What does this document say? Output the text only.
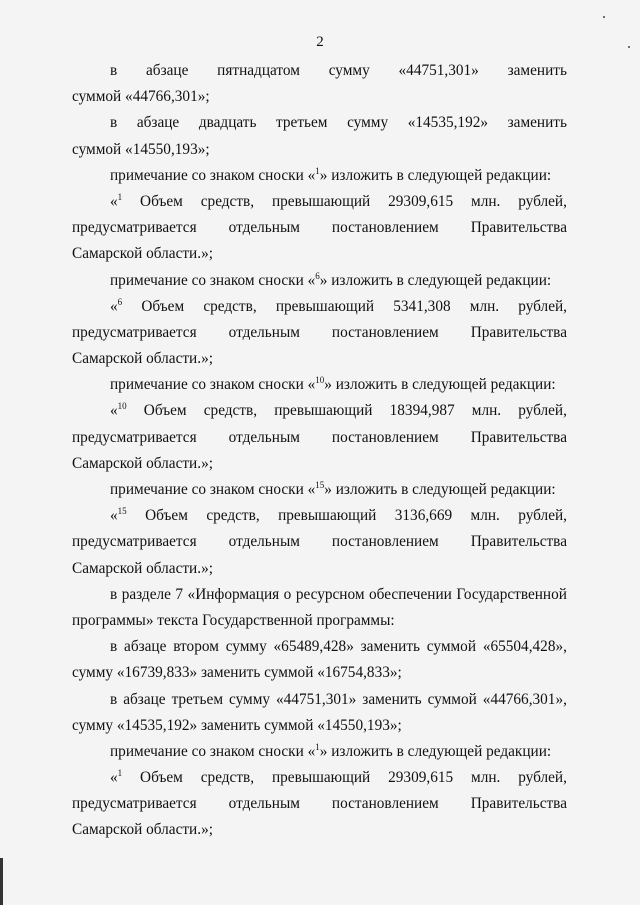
2
в абзаце пятнадцатом сумму «44751,301» заменить
суммой «44766,301»;
в абзаце двадцать третьем сумму «14535,192» заменить
суммой «14550,193»;
примечание со знаком сноски «$^1$» изложить в следующей редакции:
«$^1$ Объем средств, превышающий 29309,615 млн. рублей,
предусматривается отдельным постановлением Правительства
Самарской области.»;
примечание со знаком сноски «$^6$» изложить в следующей редакции:
«$^6$ Объем средств, превышающий 5341,308 млн. рублей,
предусматривается отдельным постановлением Правительства
Самарской области.»;
примечание со знаком сноски «$^{10}$» изложить в следующей редакции:
«$^{10}$ Объем средств, превышающий 18394,987 млн. рублей,
предусматривается отдельным постановлением Правительства
Самарской области.»;
примечание со знаком сноски «$^{15}$» изложить в следующей редакции:
«$^{15}$ Объем средств, превышающий 3136,669 млн. рублей,
предусматривается отдельным постановлением Правительства
Самарской области.»;
в разделе 7 «Информация о ресурсном обеспечении Государственной
программы» текста Государственной программы:
в абзаце втором сумму «65489,428» заменить суммой «65504,428»,
сумму «16739,833» заменить суммой «16754,833»;
в абзаце третьем сумму «44751,301» заменить суммой «44766,301»,
сумму «14535,192» заменить суммой «14550,193»;
примечание со знаком сноски «$^1$» изложить в следующей редакции:
«$^1$ Объем средств, превышающий 29309,615 млн. рублей,
предусматривается отдельным постановлением Правительства
Самарской области.»;
